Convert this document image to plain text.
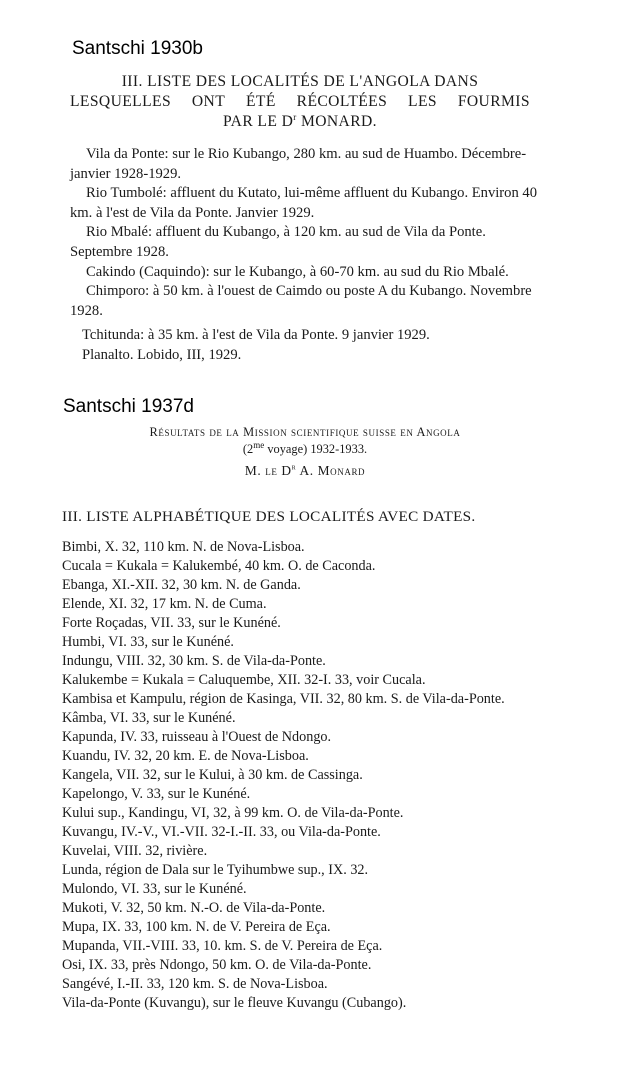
Santschi 1930b
III. LISTE DES LOCALITÉS DE L'ANGOLA DANS
LESQUELLES ONT ÉTÉ RÉCOLTÉES LES FOURMIS
PAR LE $D^r$ MONARD.

Vila da Ponte: sur le Rio Kubango, 280 km. au sud de Huambo. Décembre-janvier 1928-1929.

Rio Tumbolé: affluent du Kutato, lui-même affluent du Kubango. Environ 40 km. à l'est de Vila da Ponte. Janvier 1929.

Rio Mbalé: affluent du Kubango, à 120 km. au sud de Vila da Ponte. Septembre 1928.

Cakindo (Caquindo): sur le Kubango, à 60-70 km. au sud du Rio Mbalé.

Chimporo: à 50 km. à l'ouest de Caimdo ou poste A du Kubango. Novembre 1928.

Tchitunda: à 35 km. à l'est de Vila da Ponte. 9 janvier 1929.

Planalto. Lobido, III, 1929.

Santschi 1937d
Résultats de la Mission scientifique suisse en Angola
($2^{me}$ voyage) 1932-1933.
M. le $D^r$ A. Monard
III. LISTE ALPHABÉTIQUE DES LOCALITÉS AVEC DATES.

Bimbi, X. 32, 110 km. N. de Nova-Lisboa.

Cucala = Kukala = Kalukembé, 40 km. O. de Caconda.

Ebanga, XI.-XII. 32, 30 km. N. de Ganda.

Elende, XI. 32, 17 km. N. de Cuma.

Forte Roçadas, VII. 33, sur le Kunéné.

Humbi, VI. 33, sur le Kunéné.

Indungu, VIII. 32, 30 km. S. de Vila-da-Ponte.

Kalukembe = Kukala = Caluquembe, XII. 32-I. 33, voir Cucala.

Kambisa et Kampulu, région de Kasinga, VII. 32, 80 km. S. de Vila-da-Ponte.

Kâmba, VI. 33, sur le Kunéné.

Kapunda, IV. 33, ruisseau à l'Ouest de Ndongo.

Kuandu, IV. 32, 20 km. E. de Nova-Lisboa.

Kangela, VII. 32, sur le Kului, à 30 km. de Cassinga.

Kapelongo, V. 33, sur le Kunéné.

Kului sup., Kandingu, VI, 32, à 99 km. O. de Vila-da-Ponte.

Kuvangu, IV.-V., VI.-VII. 32-I.-II. 33, ou Vila-da-Ponte.

Kuvelai, VIII. 32, rivière.

Lunda, région de Dala sur le Tyihumbwe sup., IX. 32.

Mulondo, VI. 33, sur le Kunéné.

Mukoti, V. 32, 50 km. N.-O. de Vila-da-Ponte.

Mupa, IX. 33, 100 km. N. de V. Pereira de Eça.

Mupanda, VII.-VIII. 33, 10. km. S. de V. Pereira de Eça.

Osi, IX. 33, près Ndongo, 50 km. O. de Vila-da-Ponte.

Sangévé, I.-II. 33, 120 km. S. de Nova-Lisboa.

Vila-da-Ponte (Kuvangu), sur le fleuve Kuvangu (Cubango).
